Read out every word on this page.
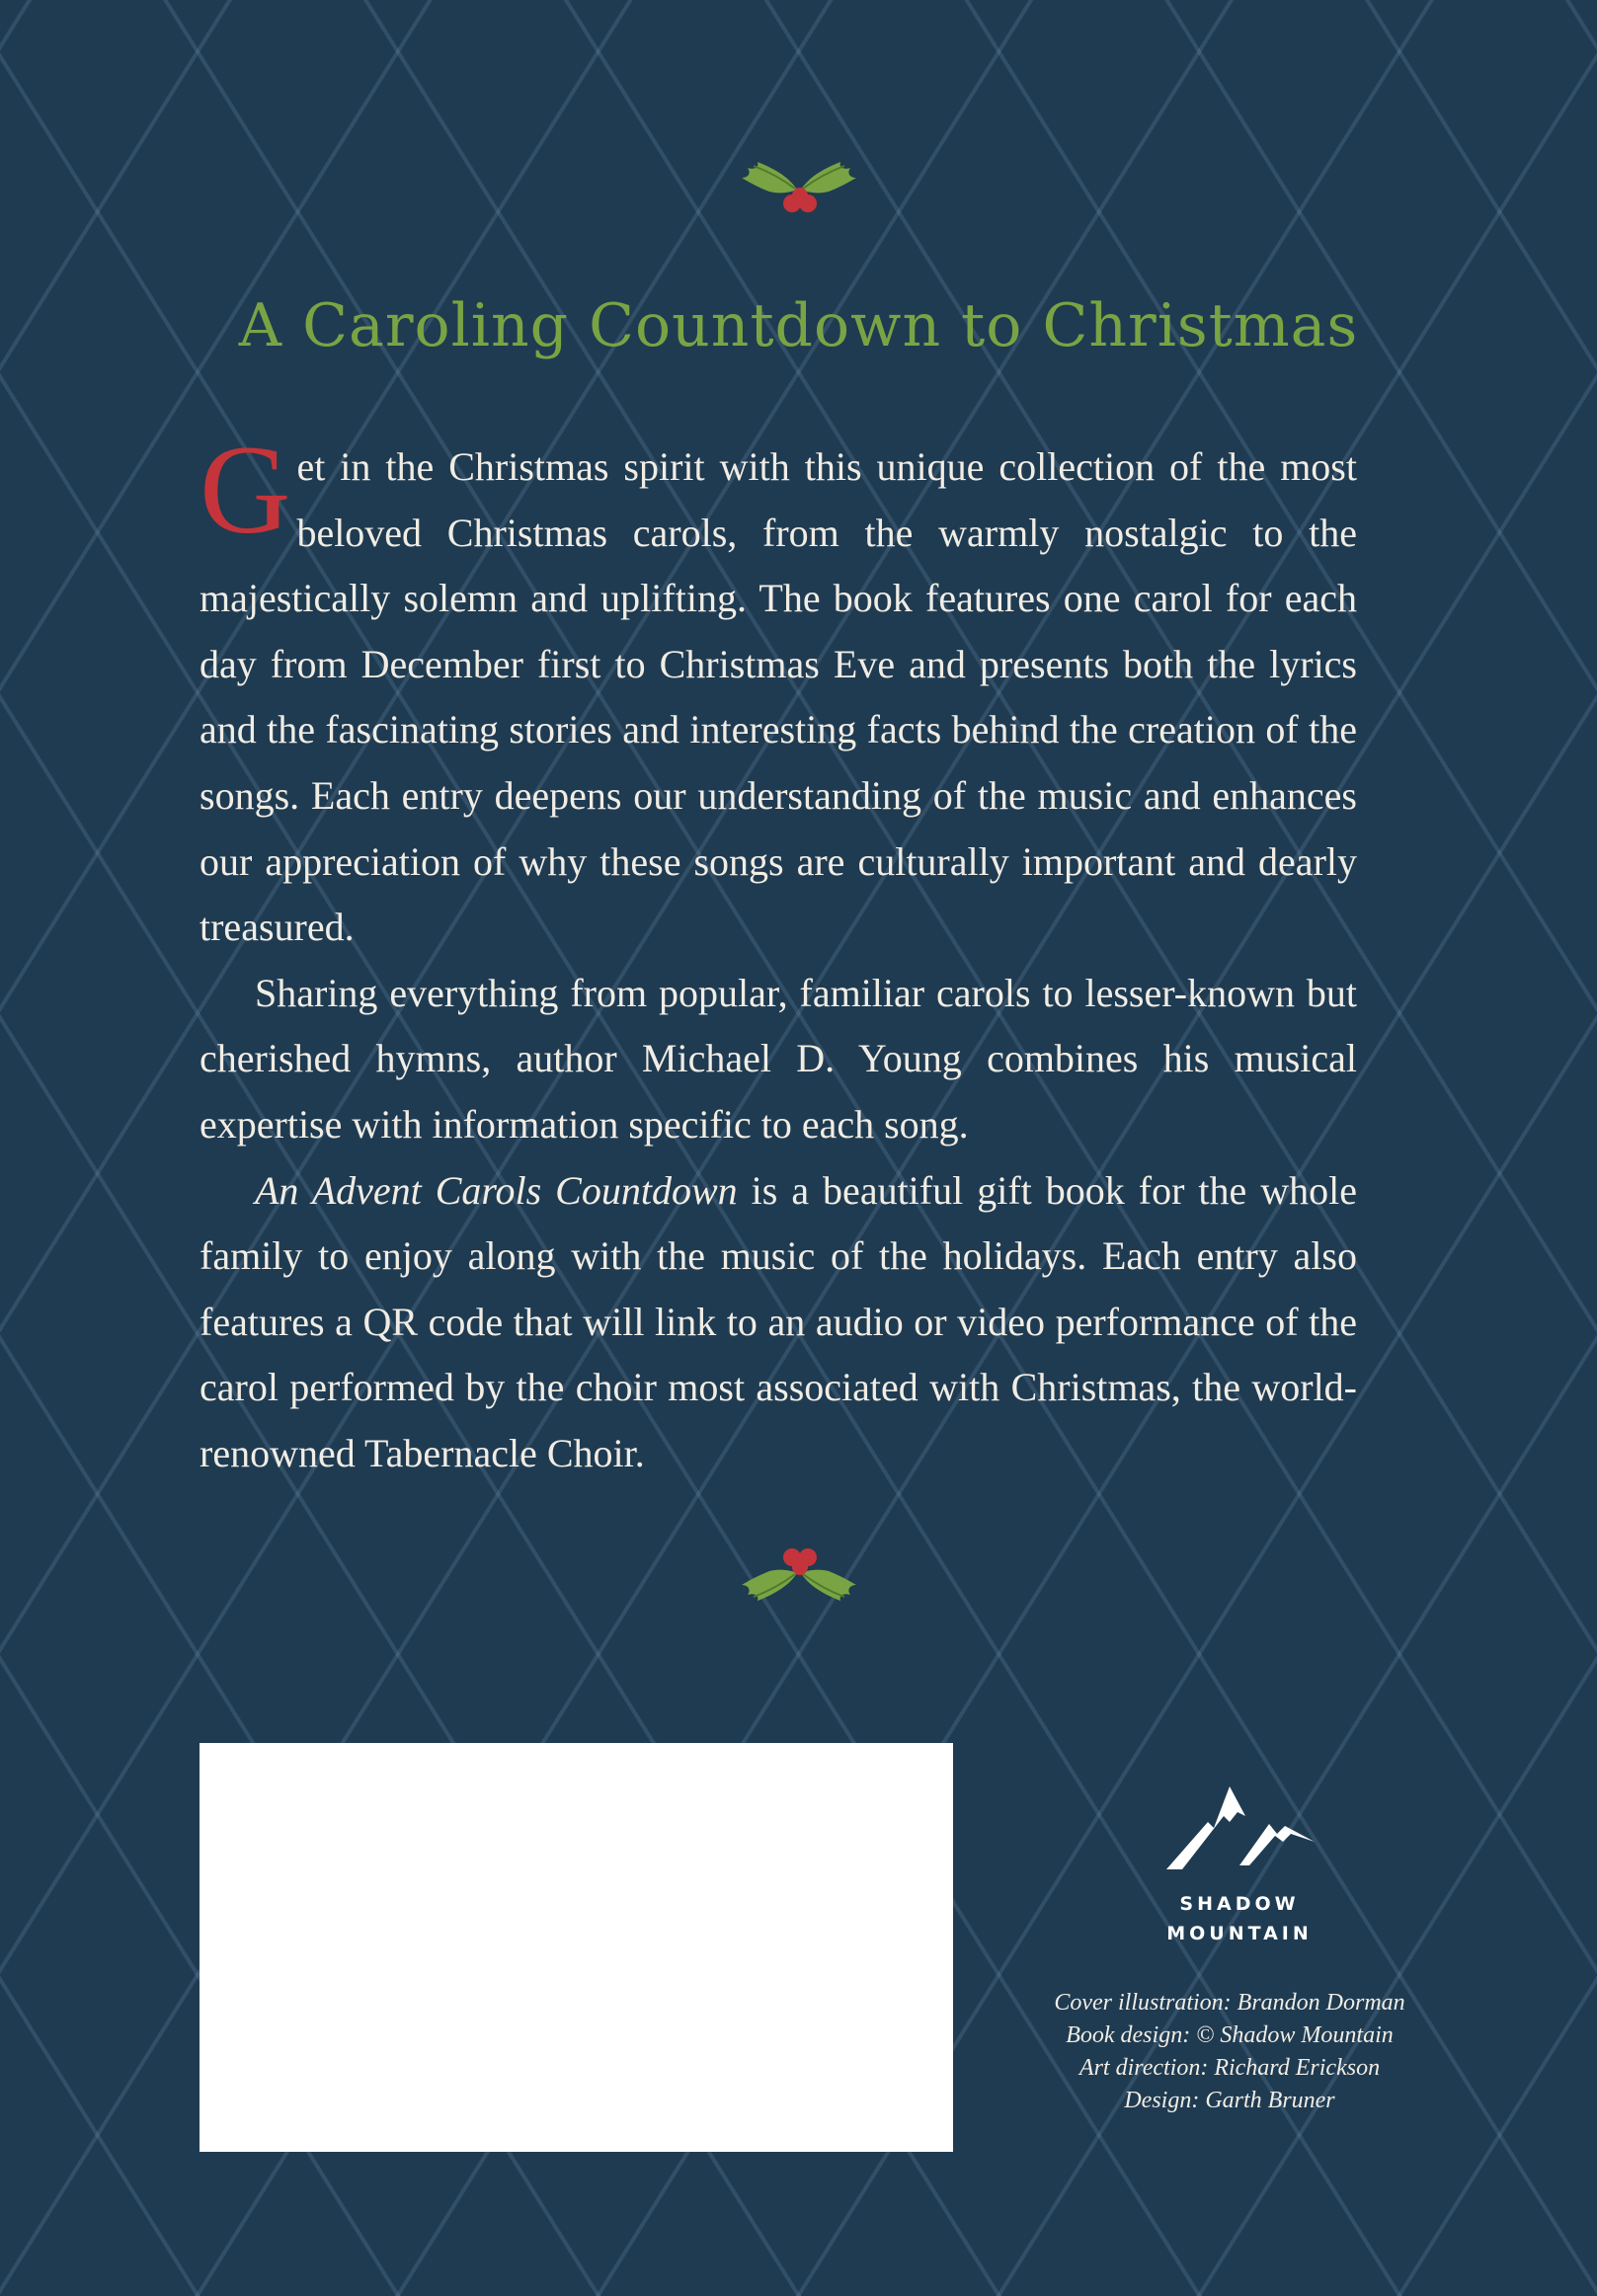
A Caroling Countdown to Christmas

Get in the Christmas spirit with this unique collection of the most beloved Christmas carols, from the warmly nostalgic to the majestically solemn and uplifting. The book features one carol for each day from December first to Christmas Eve and presents both the lyrics and the fascinating stories and interesting facts behind the creation of the songs. Each entry deepens our understanding of the music and enhances our appreciation of why these songs are culturally important and dearly treasured.

Sharing everything from popular, familiar carols to lesser-known but cherished hymns, author Michael D. Young combines his musical expertise with information specific to each song.

An Advent Carols Countdown is a beautiful gift book for the whole family to enjoy along with the music of the holidays. Each entry also features a QR code that will link to an audio or video performance of the carol performed by the choir most associated with Christmas, the world-renowned Tabernacle Choir.

SHADOW
MOUNTAIN
Cover illustration: Brandon Dorman
Book design: © Shadow Mountain
Art direction: Richard Erickson
Design: Garth Bruner
